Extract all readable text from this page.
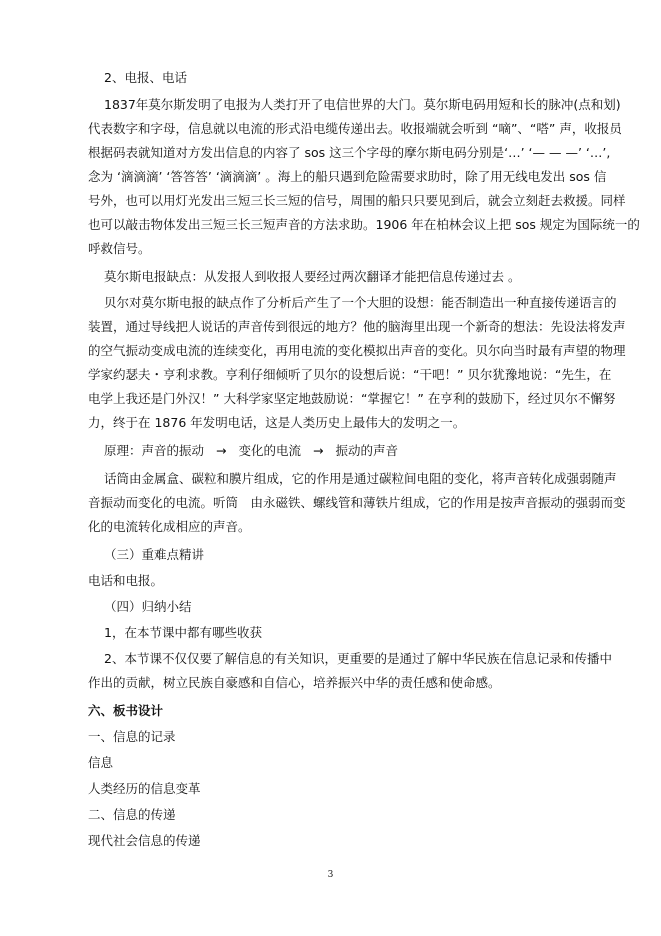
2、电报、电话
1837年莫尔斯发明了电报为人类打开了电信世界的大门。莫尔斯电码用短和长的脉冲(点和划)
代表数字和字母，信息就以电流的形式沿电缆传递出去。收报端就会听到 “嘀”、“嗒” 声，收报员
根据码表就知道对方发出信息的内容了 sos 这三个字母的摩尔斯电码分别是‘…’ ‘— — —’ ‘…’,
念为 ‘滴滴滴’ ‘答答答’ ‘滴滴滴’ 。海上的船只遇到危险需要求助时，除了用无线电发出 sos 信
号外，也可以用灯光发出三短三长三短的信号，周围的船只只要见到后，就会立刻赶去救援。同样
也可以敲击物体发出三短三长三短声音的方法求助。1906 年在柏林会议上把 sos 规定为国际统一的
呼救信号。
莫尔斯电报缺点：从发报人到收报人要经过两次翻译才能把信息传递过去 。
贝尔对莫尔斯电报的缺点作了分析后产生了一个大胆的设想：能否制造出一种直接传递语言的
装置，通过导线把人说话的声音传到很远的地方？他的脑海里出现一个新奇的想法：先设法将发声
的空气振动变成电流的连续变化，再用电流的变化模拟出声音的变化。贝尔向当时最有声望的物理
学家约瑟夫・亨利求教。亨利仔细倾听了贝尔的设想后说：“干吧！” 贝尔犹豫地说：“先生，在
电学上我还是门外汉！” 大科学家坚定地鼓励说：“掌握它！” 在亨利的鼓励下，经过贝尔不懈努
力，终于在 1876 年发明电话，这是人类历史上最伟大的发明之一。
原理：声音的振动 → 变化的电流 → 振动的声音
话筒由金属盒、碳粒和膜片组成，它的作用是通过碳粒间电阻的变化，将声音转化成强弱随声
音振动而变化的电流。听筒　由永磁铁、螺线管和薄铁片组成，它的作用是按声音振动的强弱而变
化的电流转化成相应的声音。
（三）重难点精讲
电话和电报。
（四）归纳小结
1，在本节课中都有哪些收获
2、本节课不仅仅要了解信息的有关知识，更重要的是通过了解中华民族在信息记录和传播中
作出的贡献，树立民族自豪感和自信心，培养振兴中华的责任感和使命感。
六、板书设计
一、信息的记录
信息
人类经历的信息变革
二、信息的传递
现代社会信息的传递
3
